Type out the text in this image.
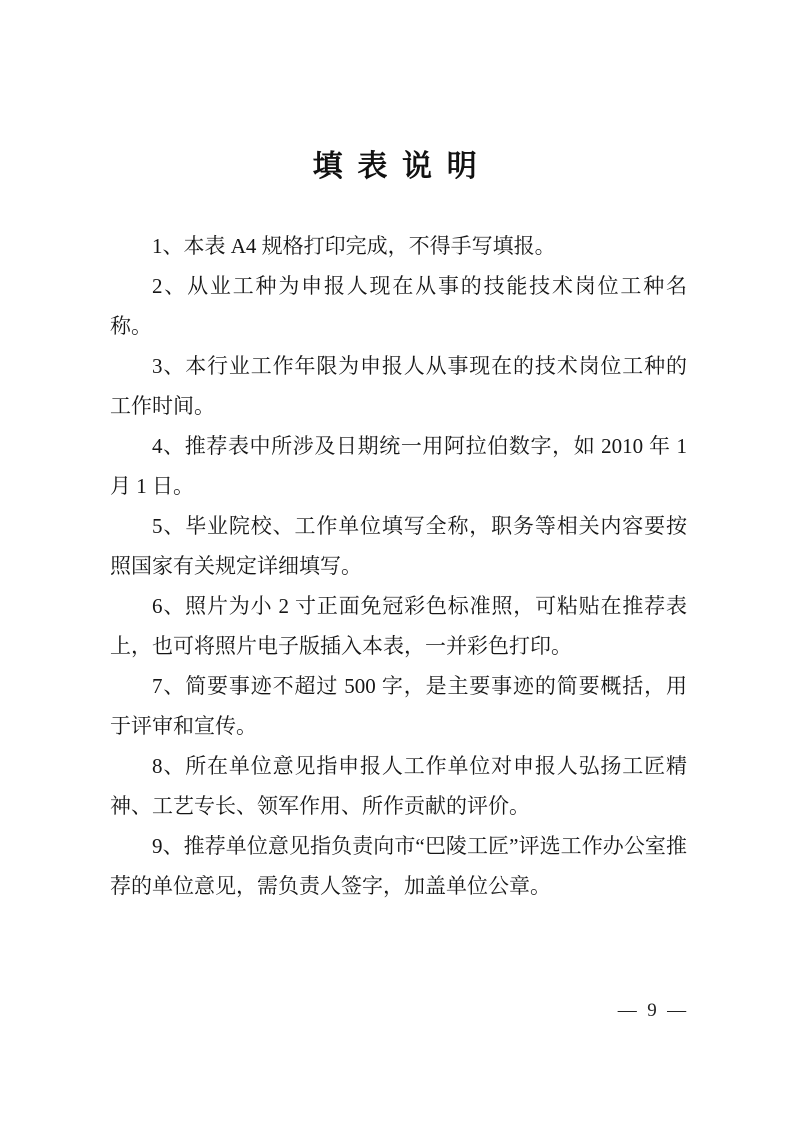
填 表 说 明

1、本表 A4 规格打印完成，不得手写填报。

2、从业工种为申报人现在从事的技能技术岗位工种名称。

3、本行业工作年限为申报人从事现在的技术岗位工种的工作时间。

4、推荐表中所涉及日期统一用阿拉伯数字，如 2010 年 1 月 1 日。

5、毕业院校、工作单位填写全称，职务等相关内容要按照国家有关规定详细填写。

6、照片为小 2 寸正面免冠彩色标准照，可粘贴在推荐表上，也可将照片电子版插入本表，一并彩色打印。

7、简要事迹不超过 500 字，是主要事迹的简要概括，用于评审和宣传。

8、所在单位意见指申报人工作单位对申报人弘扬工匠精神、工艺专长、领军作用、所作贡献的评价。

9、推荐单位意见指负责向市“巴陵工匠”评选工作办公室推荐的单位意见，需负责人签字，加盖单位公章。

— 9 —
